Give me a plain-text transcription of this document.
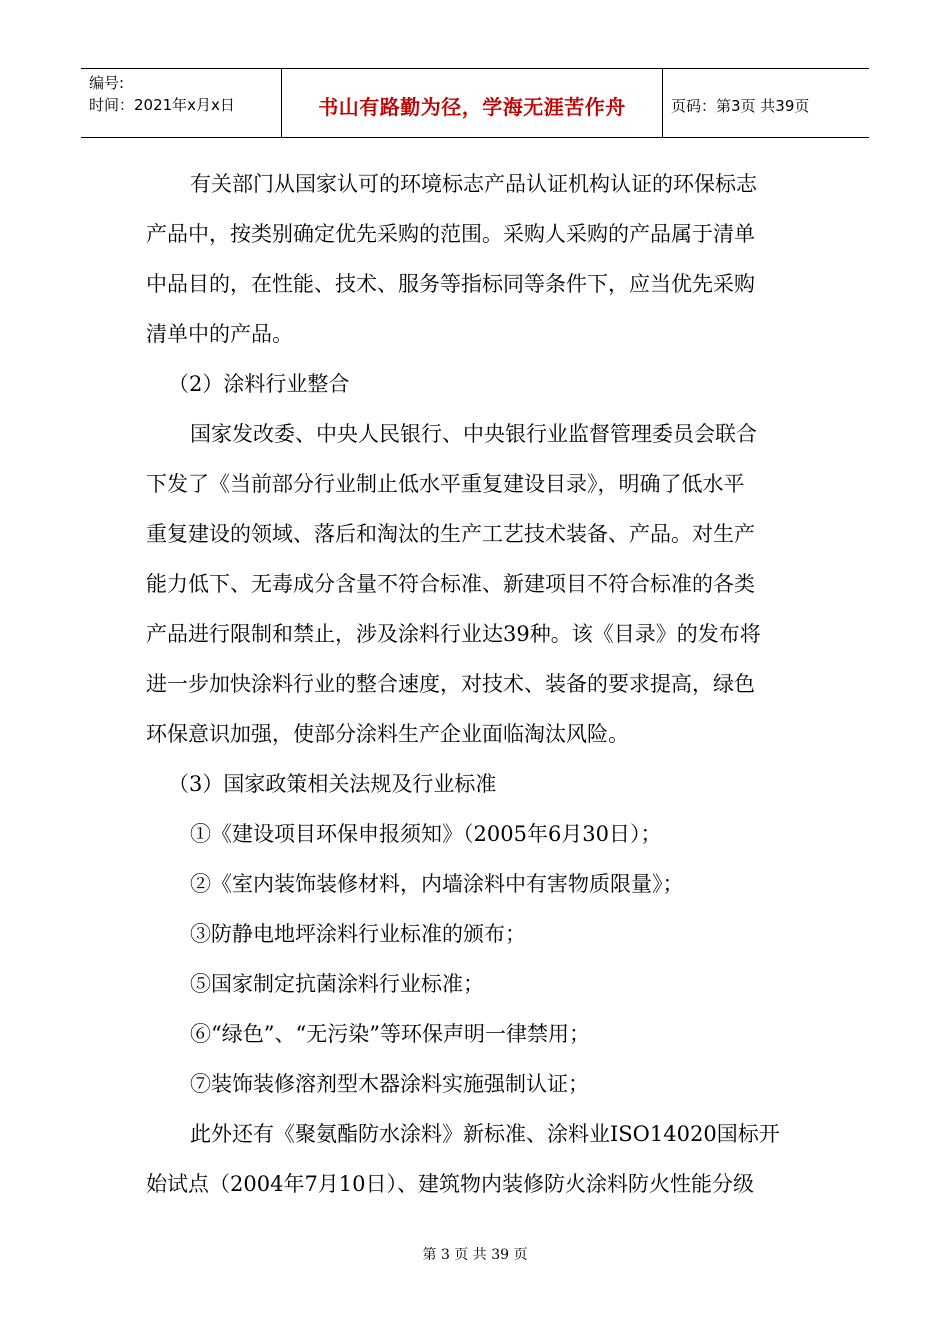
编号:
时间：2021年x月x日	书山有路勤为径，学海无涯苦作舟	页码：第3页 共39页
有关部门从国家认可的环境标志产品认证机构认证的环保标志
产品中，按类别确定优先采购的范围。采购人采购的产品属于清单
中品目的，在性能、技术、服务等指标同等条件下，应当优先采购
清单中的产品。
（2）涂料行业整合
国家发改委、中央人民银行、中央银行业监督管理委员会联合
下发了《当前部分行业制止低水平重复建设目录》，明确了低水平
重复建设的领域、落后和淘汰的生产工艺技术装备、产品。对生产
能力低下、无毒成分含量不符合标准、新建项目不符合标准的各类
产品进行限制和禁止，涉及涂料行业达39种。该《目录》的发布将
进一步加快涂料行业的整合速度，对技术、装备的要求提高，绿色
环保意识加强，使部分涂料生产企业面临淘汰风险。
（3）国家政策相关法规及行业标准
①《建设项目环保申报须知》（2005年6月30日）；
②《室内装饰装修材料，内墙涂料中有害物质限量》；
③防静电地坪涂料行业标准的颁布；
⑤国家制定抗菌涂料行业标准；
⑥“绿色”、“无污染”等环保声明一律禁用；
⑦装饰装修溶剂型木器涂料实施强制认证；
此外还有《聚氨酯防水涂料》新标准、涂料业ISO14020国标开
始试点（2004年7月10日）、建筑物内装修防火涂料防火性能分级
第 3 页 共 39 页
